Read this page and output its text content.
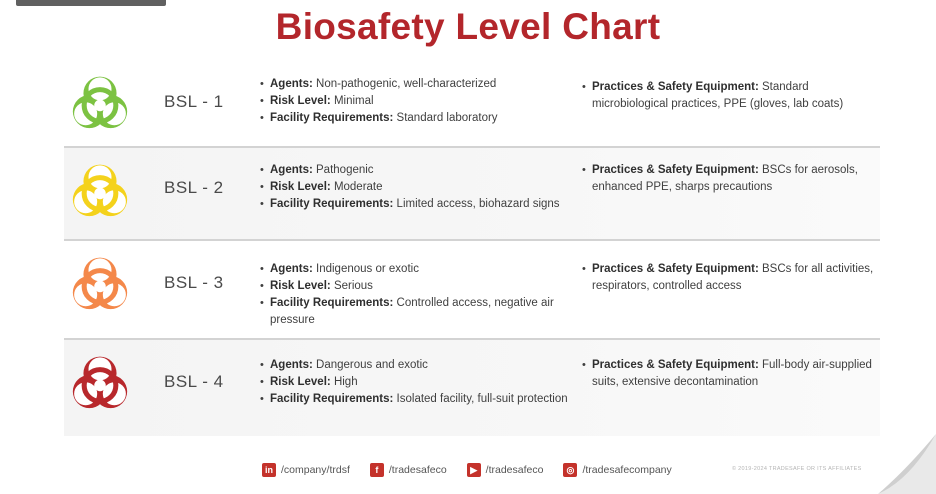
Biosafety Level Chart
BSL - 1
• Agents: Non-pathogenic, well-characterized
• Risk Level: Minimal
• Facility Requirements: Standard laboratory
• Practices & Safety Equipment: Standard microbiological practices, PPE (gloves, lab coats)
BSL - 2
• Agents: Pathogenic
• Risk Level: Moderate
• Facility Requirements: Limited access, biohazard signs
• Practices & Safety Equipment: BSCs for aerosols, enhanced PPE, sharps precautions
BSL - 3
• Agents: Indigenous or exotic
• Risk Level: Serious
• Facility Requirements: Controlled access, negative air pressure
• Practices & Safety Equipment: BSCs for all activities, respirators, controlled access
BSL - 4
• Agents: Dangerous and exotic
• Risk Level: High
• Facility Requirements: Isolated facility, full-suit protection
• Practices & Safety Equipment: Full-body air-supplied suits, extensive decontamination
in /company/trdsf	f	/tradesafeco	▶ /tradesafeco	◎ /tradesafecompany	© 2019-2024 TRADESAFE OR ITS AFFILIATES
